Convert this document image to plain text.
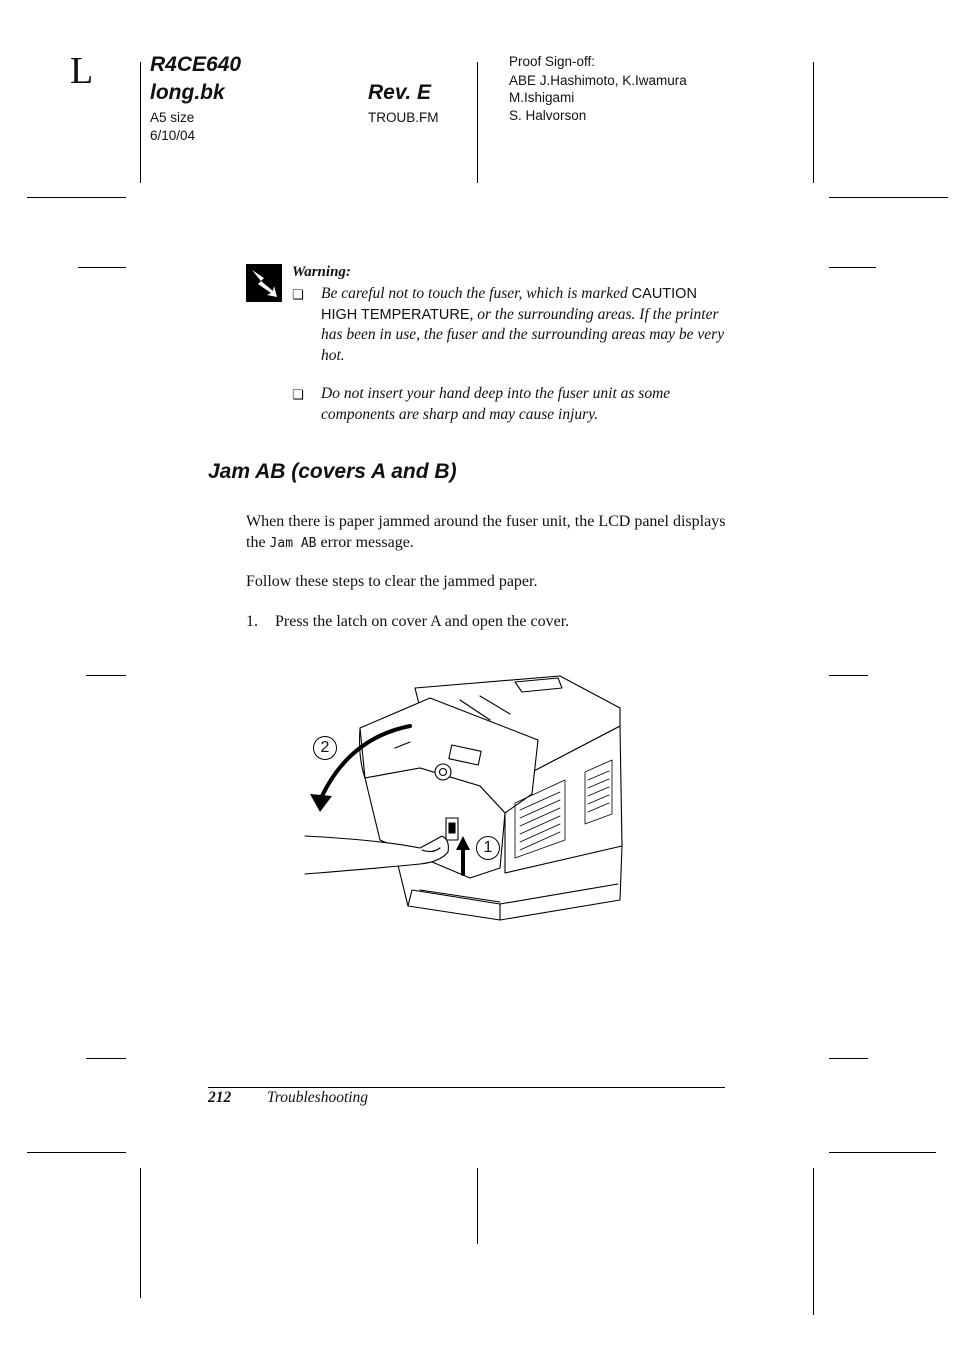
L	R4CE640
long.bk
A5 size
6/10/04
Rev. E
TROUB.FM
Proof Sign-off:
ABE J.Hashimoto, K.Iwamura
M.Ishigami
S. Halvorson
Warning:
❏ Be careful not to touch the fuser, which is marked CAUTION HIGH TEMPERATURE, or the surrounding areas. If the printer has been in use, the fuser and the surrounding areas may be very hot.
❏ Do not insert your hand deep into the fuser unit as some components are sharp and may cause injury.
Jam AB (covers A and B)
When there is paper jammed around the fuser unit, the LCD panel displays the Jam AB error message.
Follow these steps to clear the jammed paper.
1. Press the latch on cover A and open the cover.
2
1
212 Troubleshooting
